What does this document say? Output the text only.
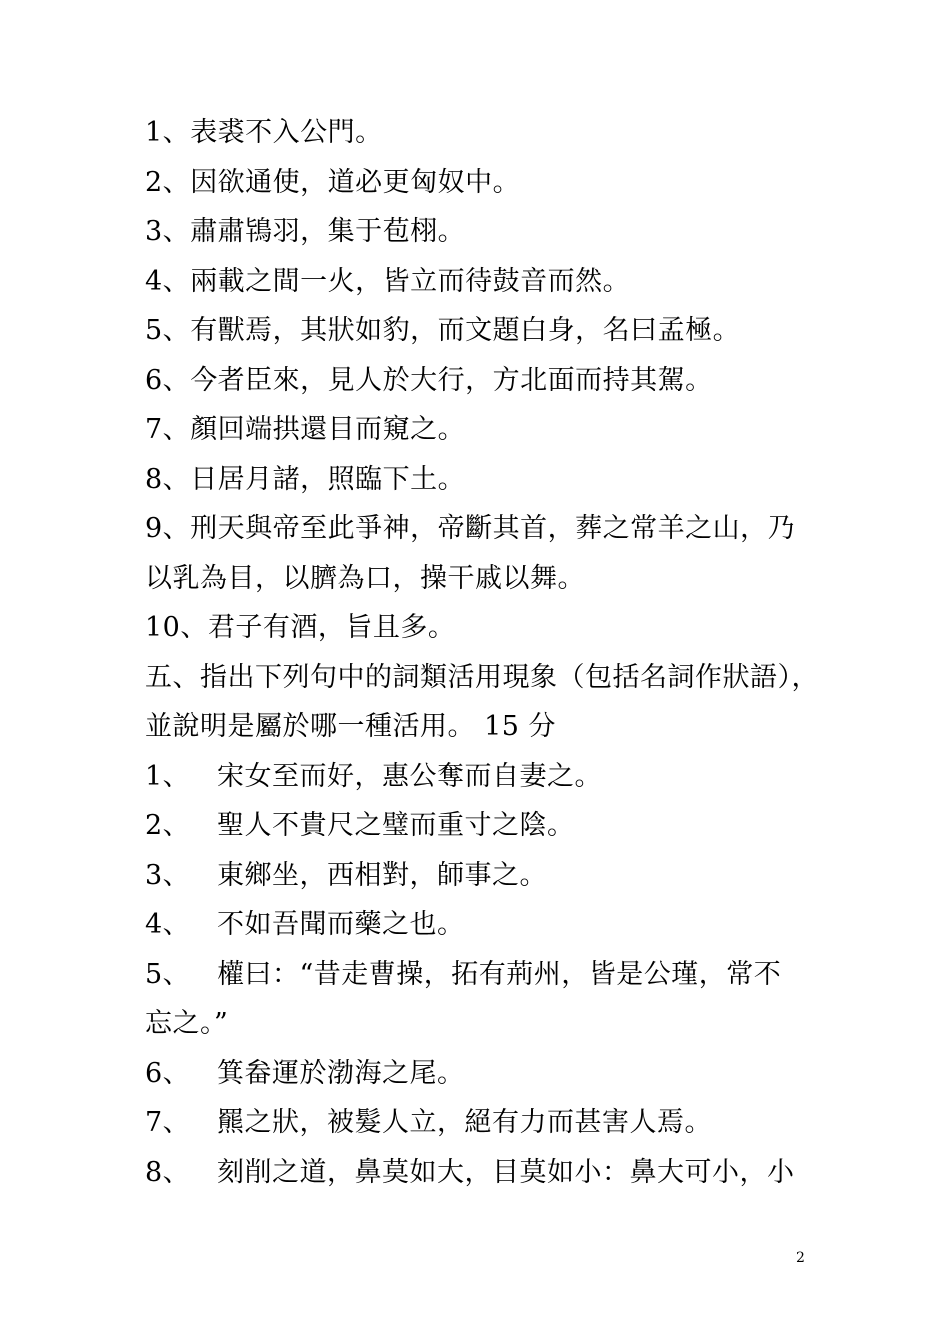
1、表裘不入公門。
2、因欲通使，道必更匈奴中。
3、肅肅鴇羽，集于苞栩。
4、兩載之間一火，皆立而待鼓音而然。
5、有獸焉，其狀如豹，而文題白身，名曰孟極。
6、今者臣來，見人於大行，方北面而持其駕。
7、顏回端拱還目而窺之。
8、日居月諸，照臨下土。
9、刑天與帝至此爭神，帝斷其首，葬之常羊之山，乃
以乳為目，以臍為口，操干戚以舞。
10、君子有酒，旨且多。
五、指出下列句中的詞類活用現象（包括名詞作狀語），
並說明是屬於哪一種活用。 15 分
1、 宋女至而好，惠公奪而自妻之。
2、 聖人不貴尺之璧而重寸之陰。
3、 東鄉坐，西相對，師事之。
4、 不如吾聞而藥之也。
5、 權曰：“昔走曹操，拓有荊州，皆是公瑾，常不
忘之。”
6、 箕畚運於渤海之尾。
7、 羆之狀，被髮人立，絕有力而甚害人焉。
8、 刻削之道，鼻莫如大，目莫如小：鼻大可小，小
2
